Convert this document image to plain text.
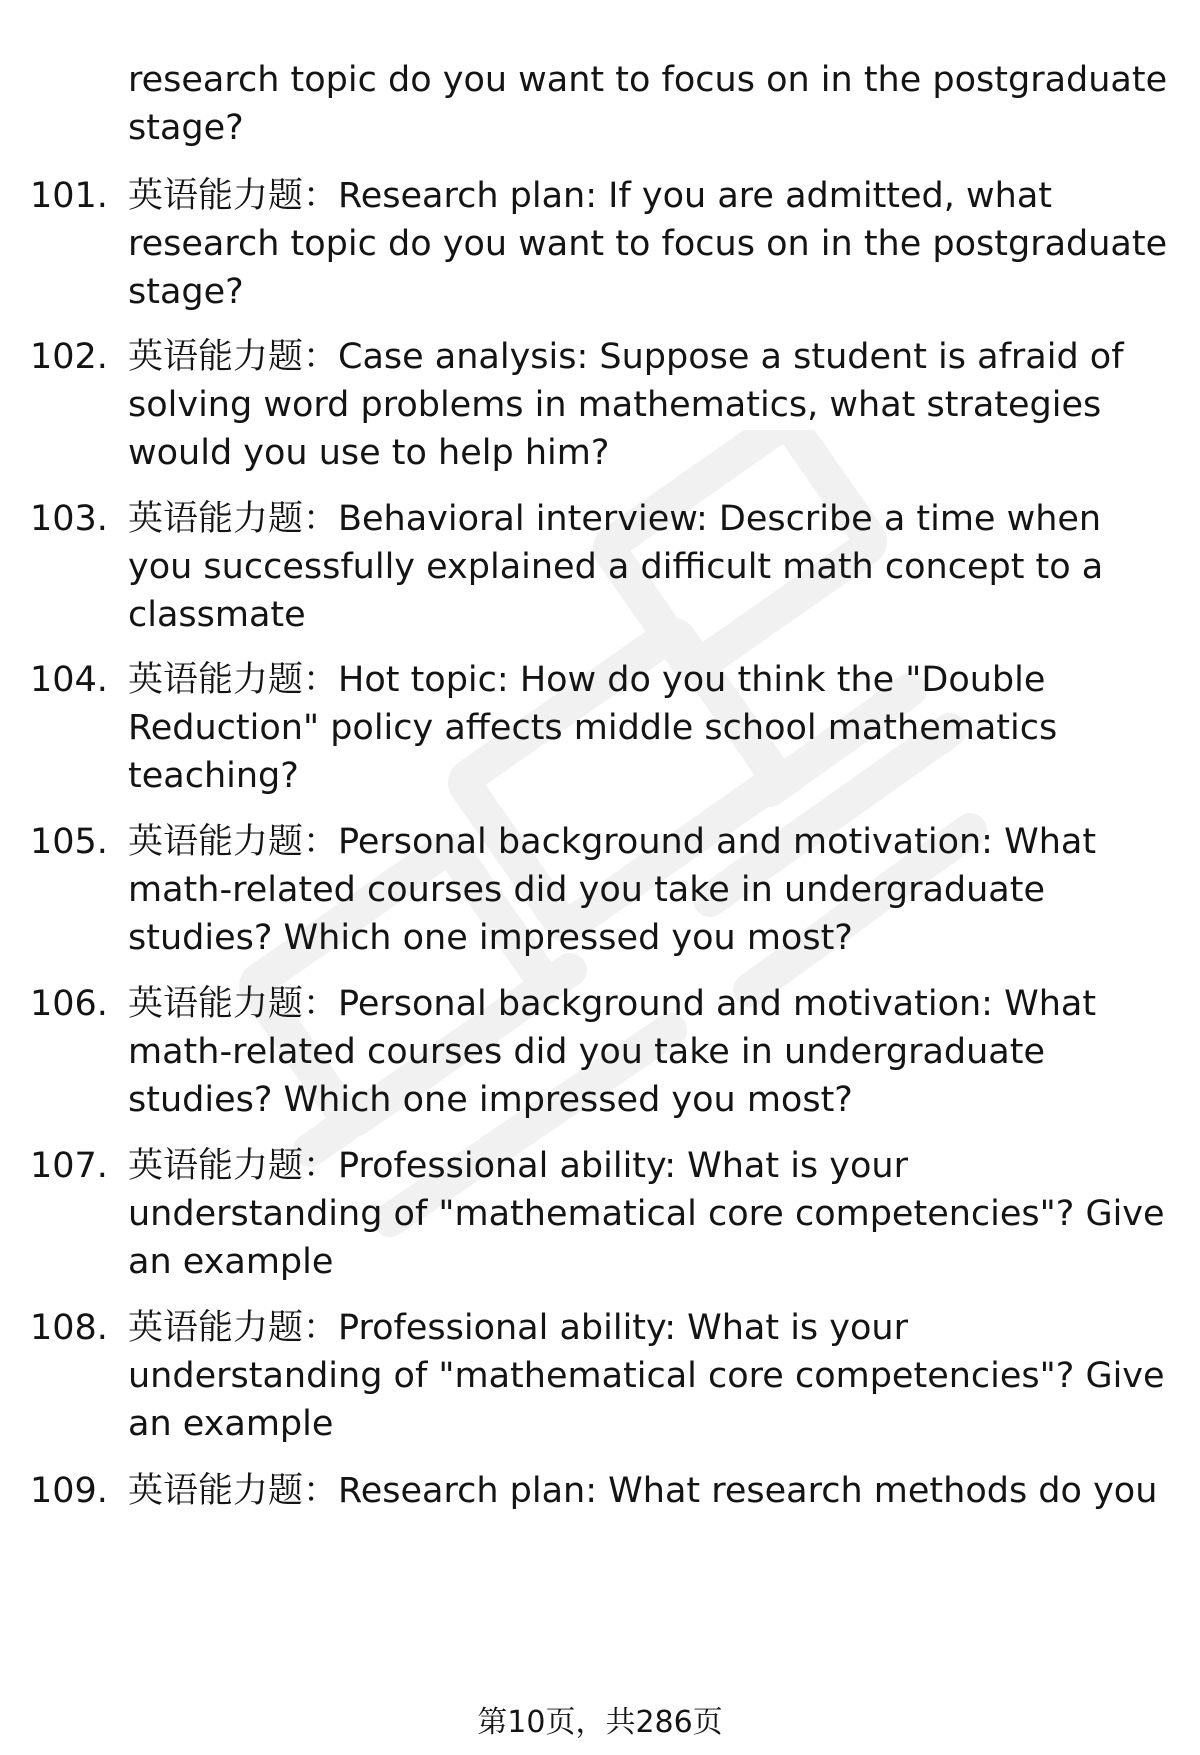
research topic do you want to focus on in the postgraduate stage?
101. 英语能力题：Research plan: If you are admitted, what research topic do you want to focus on in the postgraduate stage?
102. 英语能力题：Case analysis: Suppose a student is afraid of solving word problems in mathematics, what strategies would you use to help him?
103. 英语能力题：Behavioral interview: Describe a time when you successfully explained a difficult math concept to a classmate
104. 英语能力题：Hot topic: How do you think the "Double Reduction" policy affects middle school mathematics teaching?
105. 英语能力题：Personal background and motivation: What math-related courses did you take in undergraduate studies? Which one impressed you most?
106. 英语能力题：Personal background and motivation: What math-related courses did you take in undergraduate studies? Which one impressed you most?
107. 英语能力题：Professional ability: What is your understanding of "mathematical core competencies"? Give an example
108. 英语能力题：Professional ability: What is your understanding of "mathematical core competencies"? Give an example
109. 英语能力题：Research plan: What research methods do you
第10页，共286页
